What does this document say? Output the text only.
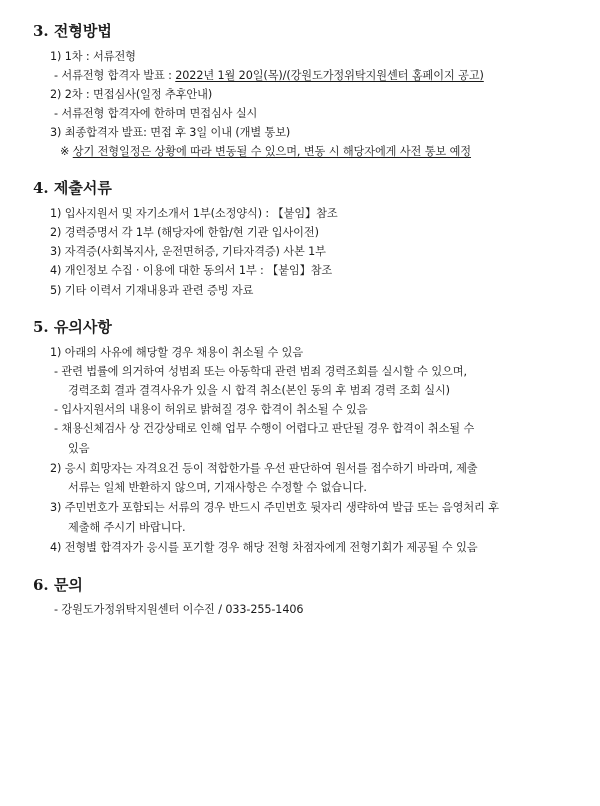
3. 전형방법

1) 1차 : 서류전형

- 서류전형 합격자 발표 : 2022년 1월 20일(목)/(강원도가정위탁지원센터 홈페이지 공고)

2) 2차 : 면접심사(일정 추후안내)

- 서류전형 합격자에 한하며 면접심사 실시

3) 최종합격자 발표: 면접 후 3일 이내 (개별 통보)

※ 상기 전형일정은 상황에 따라 변동될 수 있으며, 변동 시 해당자에게 사전 통보 예정

4. 제출서류

1) 입사지원서 및 자기소개서 1부(소정양식) : 【붙임】참조

2) 경력증명서 각 1부 (해당자에 한함/현 기관 입사이전)

3) 자격증(사회복지사, 운전면허증, 기타자격증) 사본 1부

4) 개인정보 수집 · 이용에 대한 동의서 1부 : 【붙임】참조

5) 기타 이력서 기재내용과 관련 증빙 자료

5. 유의사항

1) 아래의 사유에 해당할 경우 채용이 취소될 수 있음

- 관련 법률에 의거하여 성범죄 또는 아동학대 관련 범죄 경력조회를 실시할 수 있으며,

경력조회 결과 결격사유가 있을 시 합격 취소(본인 동의 후 범죄 경력 조회 실시)

- 입사지원서의 내용이 허위로 밝혀질 경우 합격이 취소될 수 있음

- 채용신체검사 상 건강상태로 인해 업무 수행이 어렵다고 판단될 경우 합격이 취소될 수

있음

2) 응시 희망자는 자격요건 등이 적합한가를 우선 판단하여 원서를 접수하기 바라며, 제출

서류는 일체 반환하지 않으며, 기재사항은 수정할 수 없습니다.

3) 주민번호가 포함되는 서류의 경우 반드시 주민번호 뒷자리 생략하여 발급 또는 음영처리 후

제출해 주시기 바랍니다.

4) 전형별 합격자가 응시를 포기할 경우 해당 전형 차점자에게 전형기회가 제공될 수 있음

6. 문의

- 강원도가정위탁지원센터 이수진 / 033-255-1406
